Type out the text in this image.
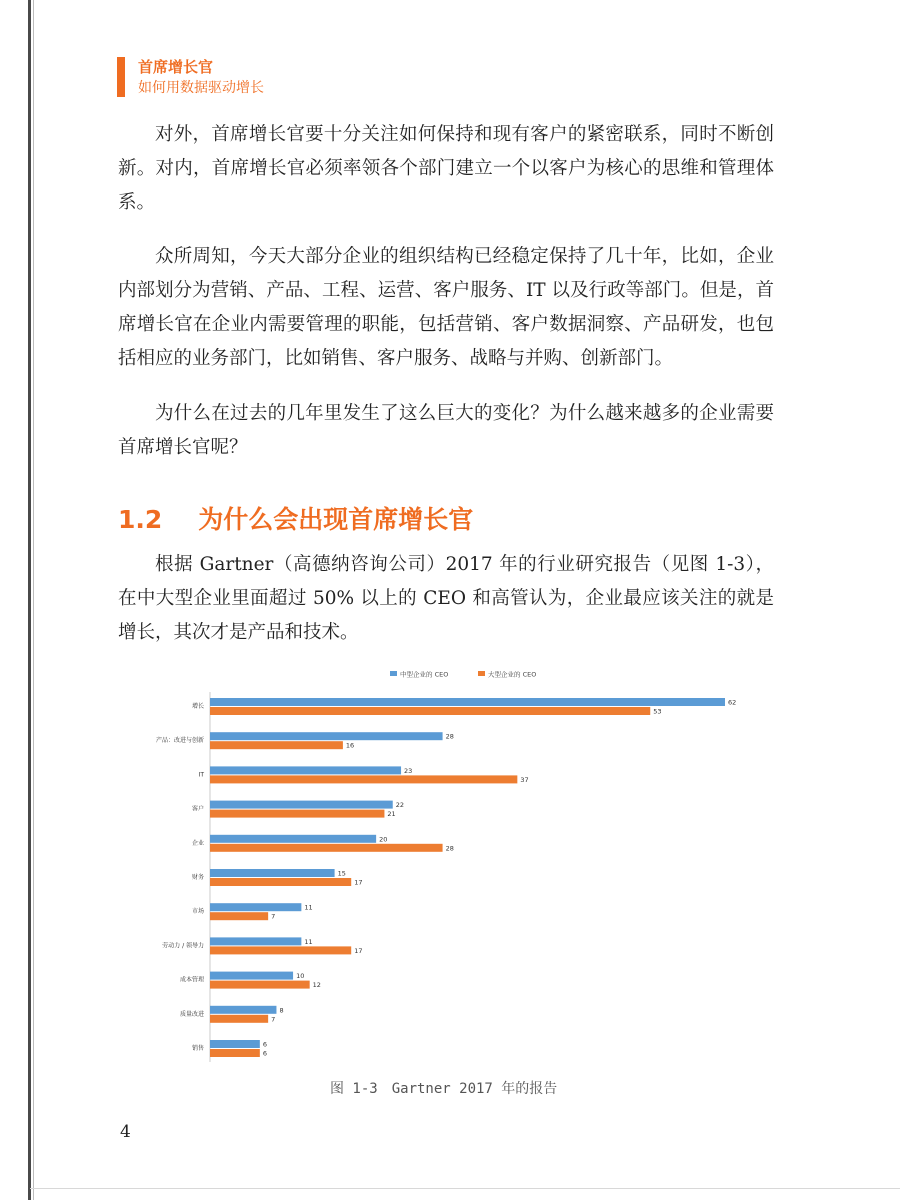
首席增长官
如何用数据驱动增长

对外，首席增长官要十分关注如何保持和现有客户的紧密联系，同时不断创新。对内，首席增长官必须率领各个部门建立一个以客户为核心的思维和管理体系。

众所周知，今天大部分企业的组织结构已经稳定保持了几十年，比如，企业内部划分为营销、产品、工程、运营、客户服务、IT 以及行政等部门。但是，首席增长官在企业内需要管理的职能，包括营销、客户数据洞察、产品研发，也包括相应的业务部门，比如销售、客户服务、战略与并购、创新部门。

为什么在过去的几年里发生了这么巨大的变化？为什么越来越多的企业需要首席增长官呢？

1.2 为什么会出现首席增长官

根据 Gartner（高德纳咨询公司）2017 年的行业研究报告（见图 1-3），在中大型企业里面超过 50% 以上的 CEO 和高管认为，企业最应该关注的就是增长，其次才是产品和技术。

中型企业的 CEO	大型企业的 CEO
增长	62
53
产品：改进与创新	28
16
IT	23
37
客户	22
21
企业	20
28
财务	15
17
市场	11
7
劳动力 / 领导力	11
17
成本管理	10
12
质量改进	8
7
销售	6
6
图 1-3　Gartner 2017 年的报告
4
